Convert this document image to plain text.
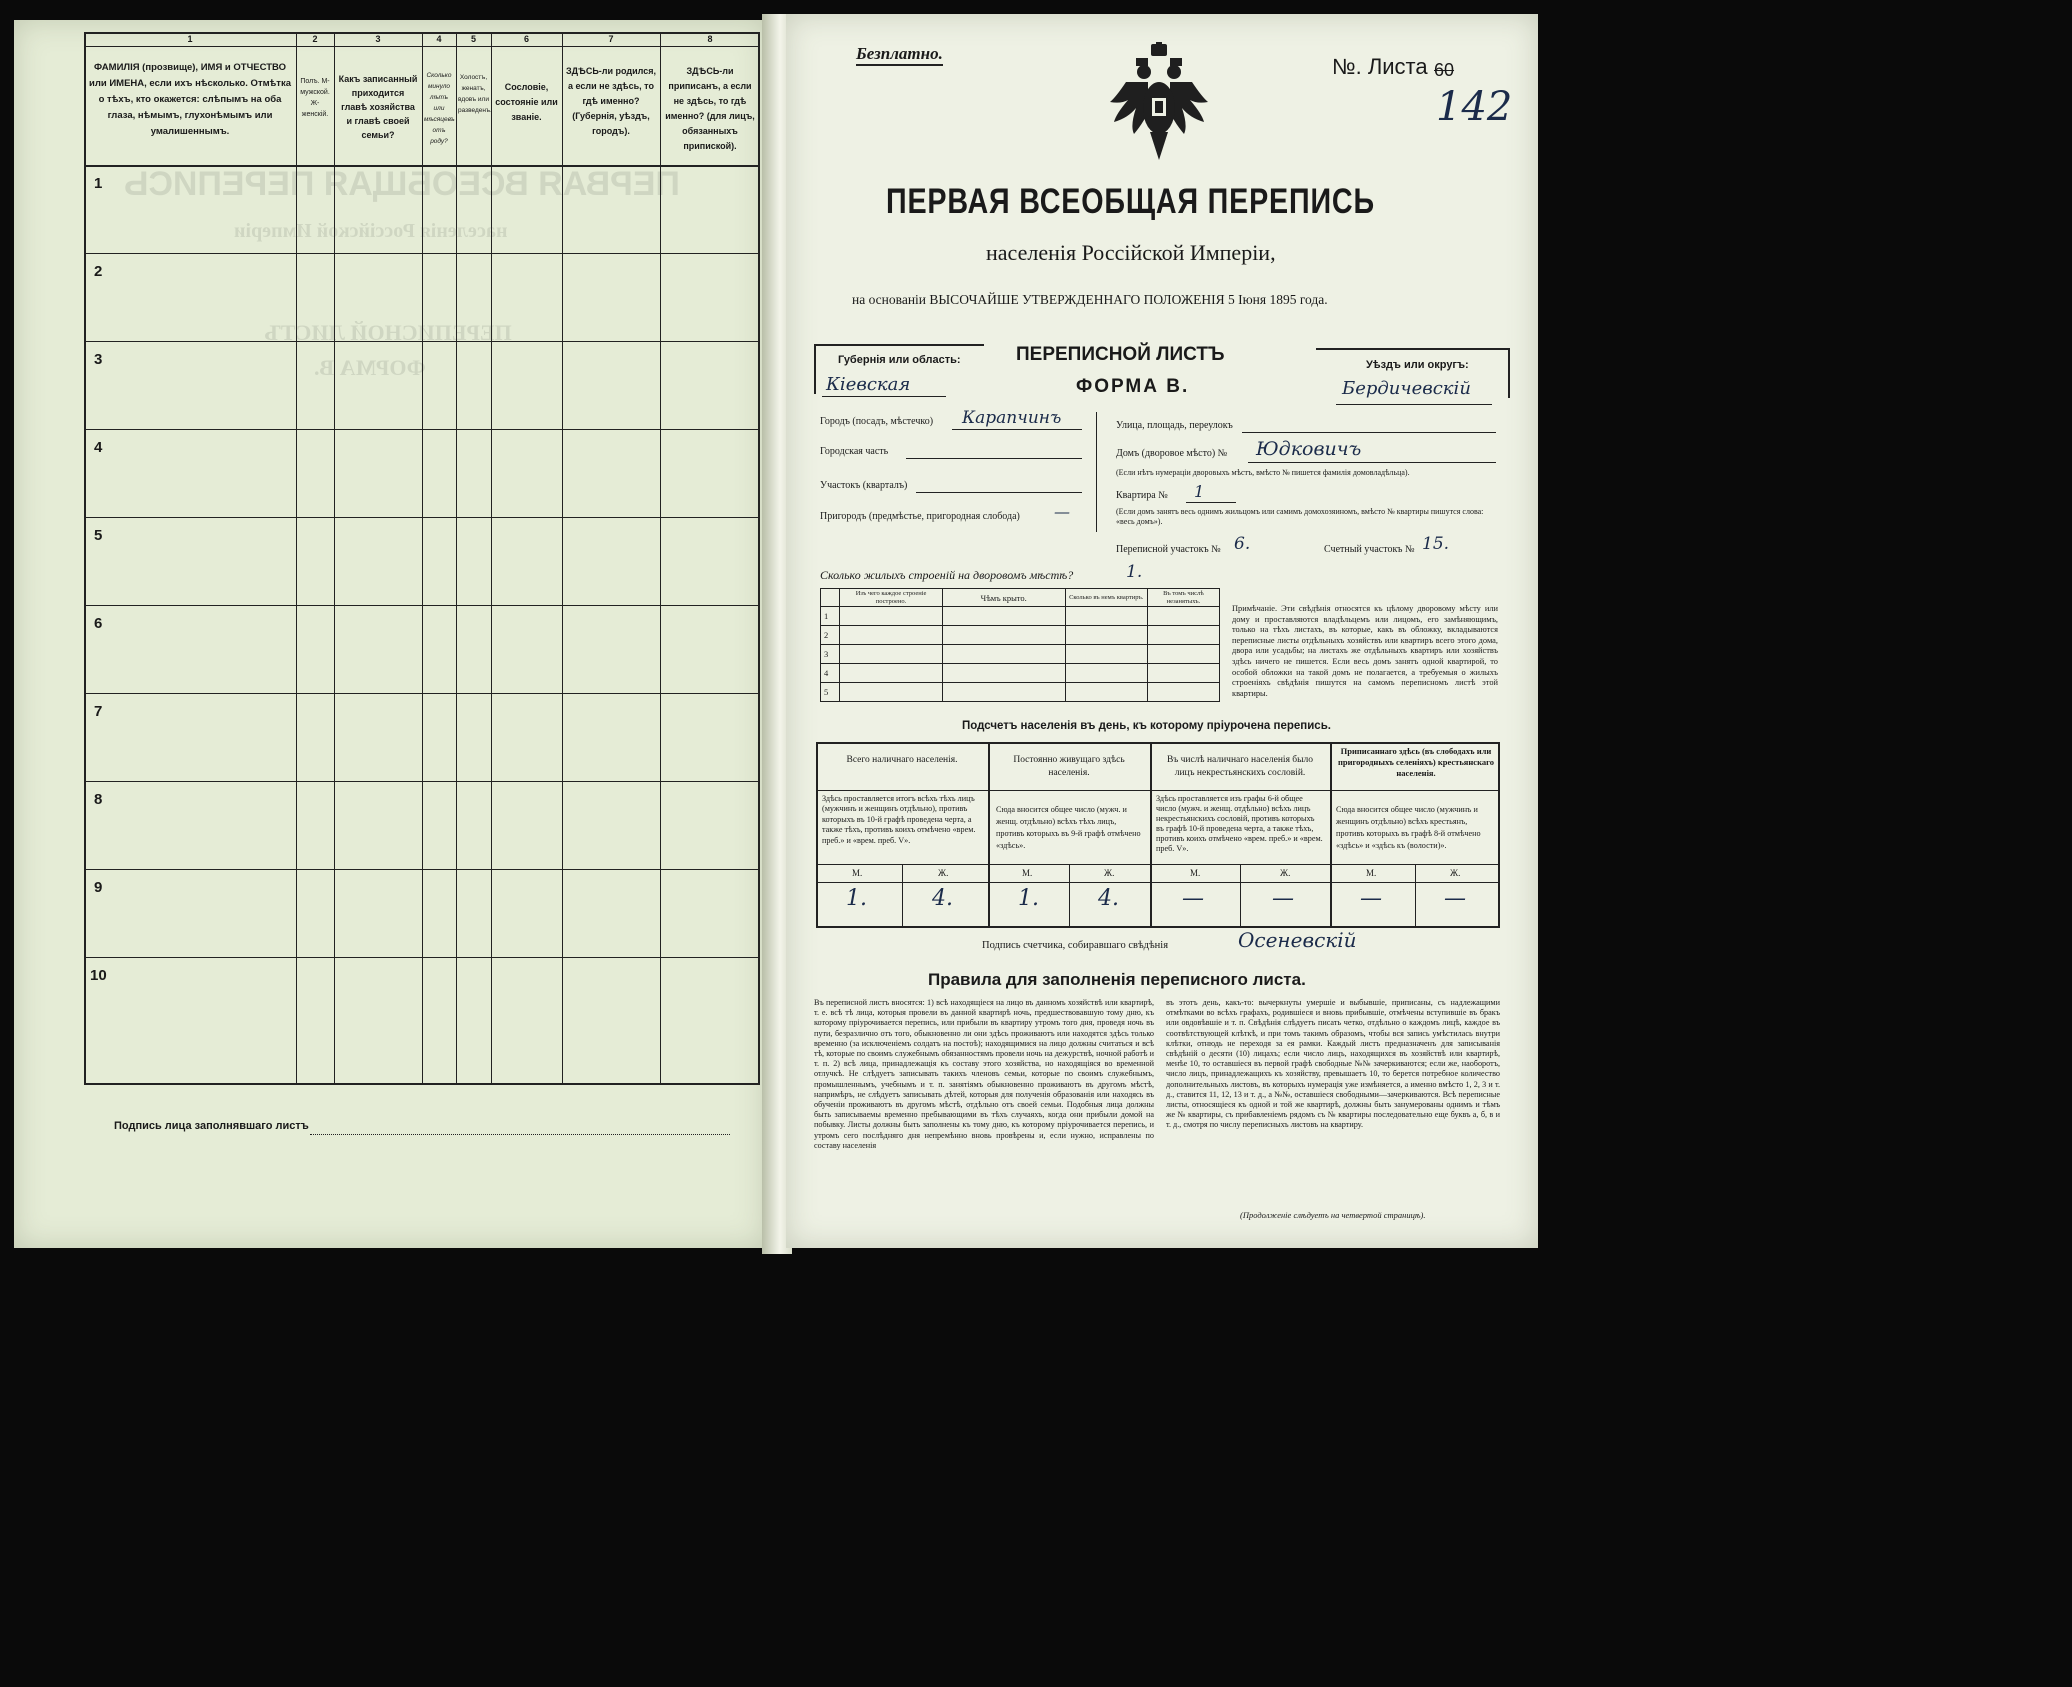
ПЕРВАЯ ВСЕОБЩАЯ ПЕРЕПИСЬ
населенія Россійской Имперіи
ПЕРЕПИСНОЙ ЛИСТЪ
ФОРМА В.
1	2	3	4	5	6	7	8
ФАМИЛІЯ (прозвище), ИМЯ и ОТЧЕСТВО или ИМЕНА, если ихъ нѣсколько. Отмѣтка о тѣхъ, кто окажется: слѣпымъ на оба глаза, нѣмымъ, глухонѣмымъ или умалишеннымъ.
Полъ. М-мужской. Ж-женскій.
Какъ записанный приходится главѣ хозяйства и главѣ своей семьи?
Сколько минуло лѣтъ или мѣсяцевъ отъ роду?
Холостъ, женатъ, вдовъ или разведенъ.
Сословіе, состояніе или званіе.
ЗДѢСЬ-ли родился, а если не здѣсь, то гдѣ именно? (Губернія, уѣздъ, городъ).
ЗДѢСЬ-ли приписанъ, а если не здѣсь, то гдѣ именно? (для лицъ, обязанныхъ припиской).
1
2
3
4
5
6
7
8
9
10
Подпись лица заполнявшаго листъ
Безплатно.
№. Листа 60
142
ПЕРВАЯ ВСЕОБЩАЯ ПЕРЕПИСЬ
населенія Россійской Имперіи,
на основаніи ВЫСОЧАЙШЕ УТВЕРЖДЕННАГО ПОЛОЖЕНІЯ 5 Іюня 1895 года.
Губернія или область:
Кіевская
ПЕРЕПИСНОЙ ЛИСТЪ
ФОРМА В.
Уѣздъ или округъ:
Бердичевскій
Городъ (посадъ, мѣстечко) Карапчинъ
Городская часть
Участокъ (кварталъ)
Пригородъ (предмѣстье, пригородная слобода) —
Улица, площадь, переулокъ
Домъ (дворовое мѣсто) № Юдковичъ
(Если нѣтъ нумераціи дворовыхъ мѣстъ, вмѣсто № пишется фамилія домовладѣльца).
Квартира № 1
(Если домъ занятъ весь однимъ жильцомъ или самимъ домохозяиномъ, вмѣсто № квартиры пишутся слова: «весь домъ»).
Переписной участокъ № 6.	Счетный участокъ № 15.
Сколько жилыхъ строеній на дворовомъ мѣстѣ?	1.
	Изъ чего каждое строеніе построено.	Чѣмъ крыто.	Сколько въ немъ квартиръ.	Въ томъ числѣ незанятыхъ.
1				
2				
3				
4				
5				
Примѣчаніе. Эти свѣдѣнія относятся къ цѣлому дворовому мѣсту или дому и проставляются владѣльцемъ или лицомъ, его замѣняющимъ, только на тѣхъ листахъ, въ которые, какъ въ обложку, вкладываются переписные листы отдѣльныхъ хозяйствъ или квартиръ всего этого дома, двора или усадьбы; на листахъ же отдѣльныхъ квартиръ или хозяйствъ здѣсь ничего не пишется. Если весь домъ занятъ одной квартирой, то особой обложки на такой домъ не полагается, а требуемыя о жилыхъ строеніяхъ свѣдѣнія пишутся на самомъ переписномъ листѣ этой квартиры.
Подсчетъ населенія въ день, къ которому пріурочена перепись.
Всего наличнаго населенія.	Постоянно живущаго здѣсь населенія.
Въ числѣ наличнаго населенія было лицъ некрестьянскихъ сословій.
Приписаннаго здѣсь (въ слободахъ или пригородныхъ селеніяхъ) крестьянскаго населенія.
Здѣсь проставляется итогъ всѣхъ тѣхъ лицъ (мужчинъ и женщинъ отдѣльно), противъ которыхъ въ 10-й графѣ проведена черта, а также тѣхъ, противъ коихъ отмѣчено «врем. преб.» и «врем. преб. V».
Сюда вносится общее число (мужч. и женщ. отдѣльно) всѣхъ тѣхъ лицъ, противъ которыхъ въ 9-й графѣ отмѣчено «здѣсь».
Здѣсь проставляется изъ графы 6-й общее число (мужч. и женщ. отдѣльно) всѣхъ лицъ некрестьянскихъ сословій, противъ которыхъ въ графѣ 10-й проведена черта, а также тѣхъ, противъ коихъ отмѣчено «врем. преб.» и «врем. преб. V».
Сюда вносится общее число (мужчинъ и женщинъ отдѣльно) всѣхъ крестьянъ, противъ которыхъ въ графѣ 8-й отмѣчено «здѣсь» и «здѣсь къ (волости)».
М.	Ж.	М.	Ж.	М.	Ж.	М.	Ж.
1.	4.	1.	4.	—	—	—	—
Подпись счетчика, собиравшаго свѣдѣнія	Осеневскій
Правила для заполненія переписного листа.
Въ переписной листъ вносятся: 1) всѣ находящіеся на лицо въ данномъ хозяйствѣ или квартирѣ, т. е. всѣ тѣ лица, которыя провели въ данной квартирѣ ночь, предшествовавшую тому дню, къ которому пріурочивается перепись, или прибыли въ квартиру утромъ того дня, проведя ночь въ пути, безразлично отъ того, обыкновенно ли они здѣсь проживаютъ или находятся здѣсь только временно (за исключеніемъ солдатъ на постоѣ); находящимися на лицо должны считаться и всѣ тѣ, которые по своимъ служебнымъ обязанностямъ провели ночь на дежурствѣ, ночной работѣ и т. п. 2) всѣ лица, принадлежащія къ составу этого хозяйства, но находящіяся во временной отлучкѣ. Не слѣдуетъ записывать такихъ членовъ семьи, которые по своимъ служебнымъ, промышленнымъ, учебнымъ и т. п. занятіямъ обыкновенно проживаютъ въ другомъ мѣстѣ, напримѣръ, не слѣдуетъ записывать дѣтей, которыя для полученія образованія или находясь въ обученіи проживаютъ въ другомъ мѣстѣ, отдѣльно отъ своей семьи. Подобныя лица должны быть записываемы временно пребывающими въ тѣхъ случаяхъ, когда они прибыли домой на побывку. Листы должны быть заполнены къ тому дню, къ которому пріурочивается перепись, и утромъ сего послѣдняго дня непремѣнно вновь провѣрены и, если нужно, исправлены по составу населенія
въ этотъ день, какъ-то: вычеркнуты умершіе и выбывшіе, приписаны, съ надлежащими отмѣтками во всѣхъ графахъ, родившіеся и вновь прибывшіе, отмѣчены вступившіе въ бракъ или овдовѣвшіе и т. п. Свѣдѣнія слѣдуетъ писать четко, отдѣльно о каждомъ лицѣ, каждое въ соотвѣтствующей клѣткѣ, и при томъ такимъ образомъ, чтобы вся запись умѣстилась внутри клѣтки, отнюдь не переходя за ея рамки. Каждый листъ предназначенъ для записыванія свѣдѣній о десяти (10) лицахъ; если число лицъ, находящихся въ хозяйствѣ или квартирѣ, менѣе 10, то оставшіеся въ первой графѣ свободные №№ зачеркиваются; если же, наоборотъ, число лицъ, принадлежащихъ къ хозяйству, превышаетъ 10, то берется потребное количество дополнительныхъ листовъ, въ которыхъ нумерація уже измѣняется, а именно вмѣсто 1, 2, 3 и т. д., ставится 11, 12, 13 и т. д., а №№, оставшіеся свободными—зачеркиваются. Всѣ переписные листы, относящіеся къ одной и той же квартирѣ, должны быть занумерованы однимъ и тѣмъ же № квартиры, съ прибавленіемъ рядомъ съ № квартиры последовательно еще буквъ а, б, в и т. д., смотря по числу переписныхъ листовъ на квартиру.
(Продолженіе слѣдуетъ на четвертой страницѣ).
